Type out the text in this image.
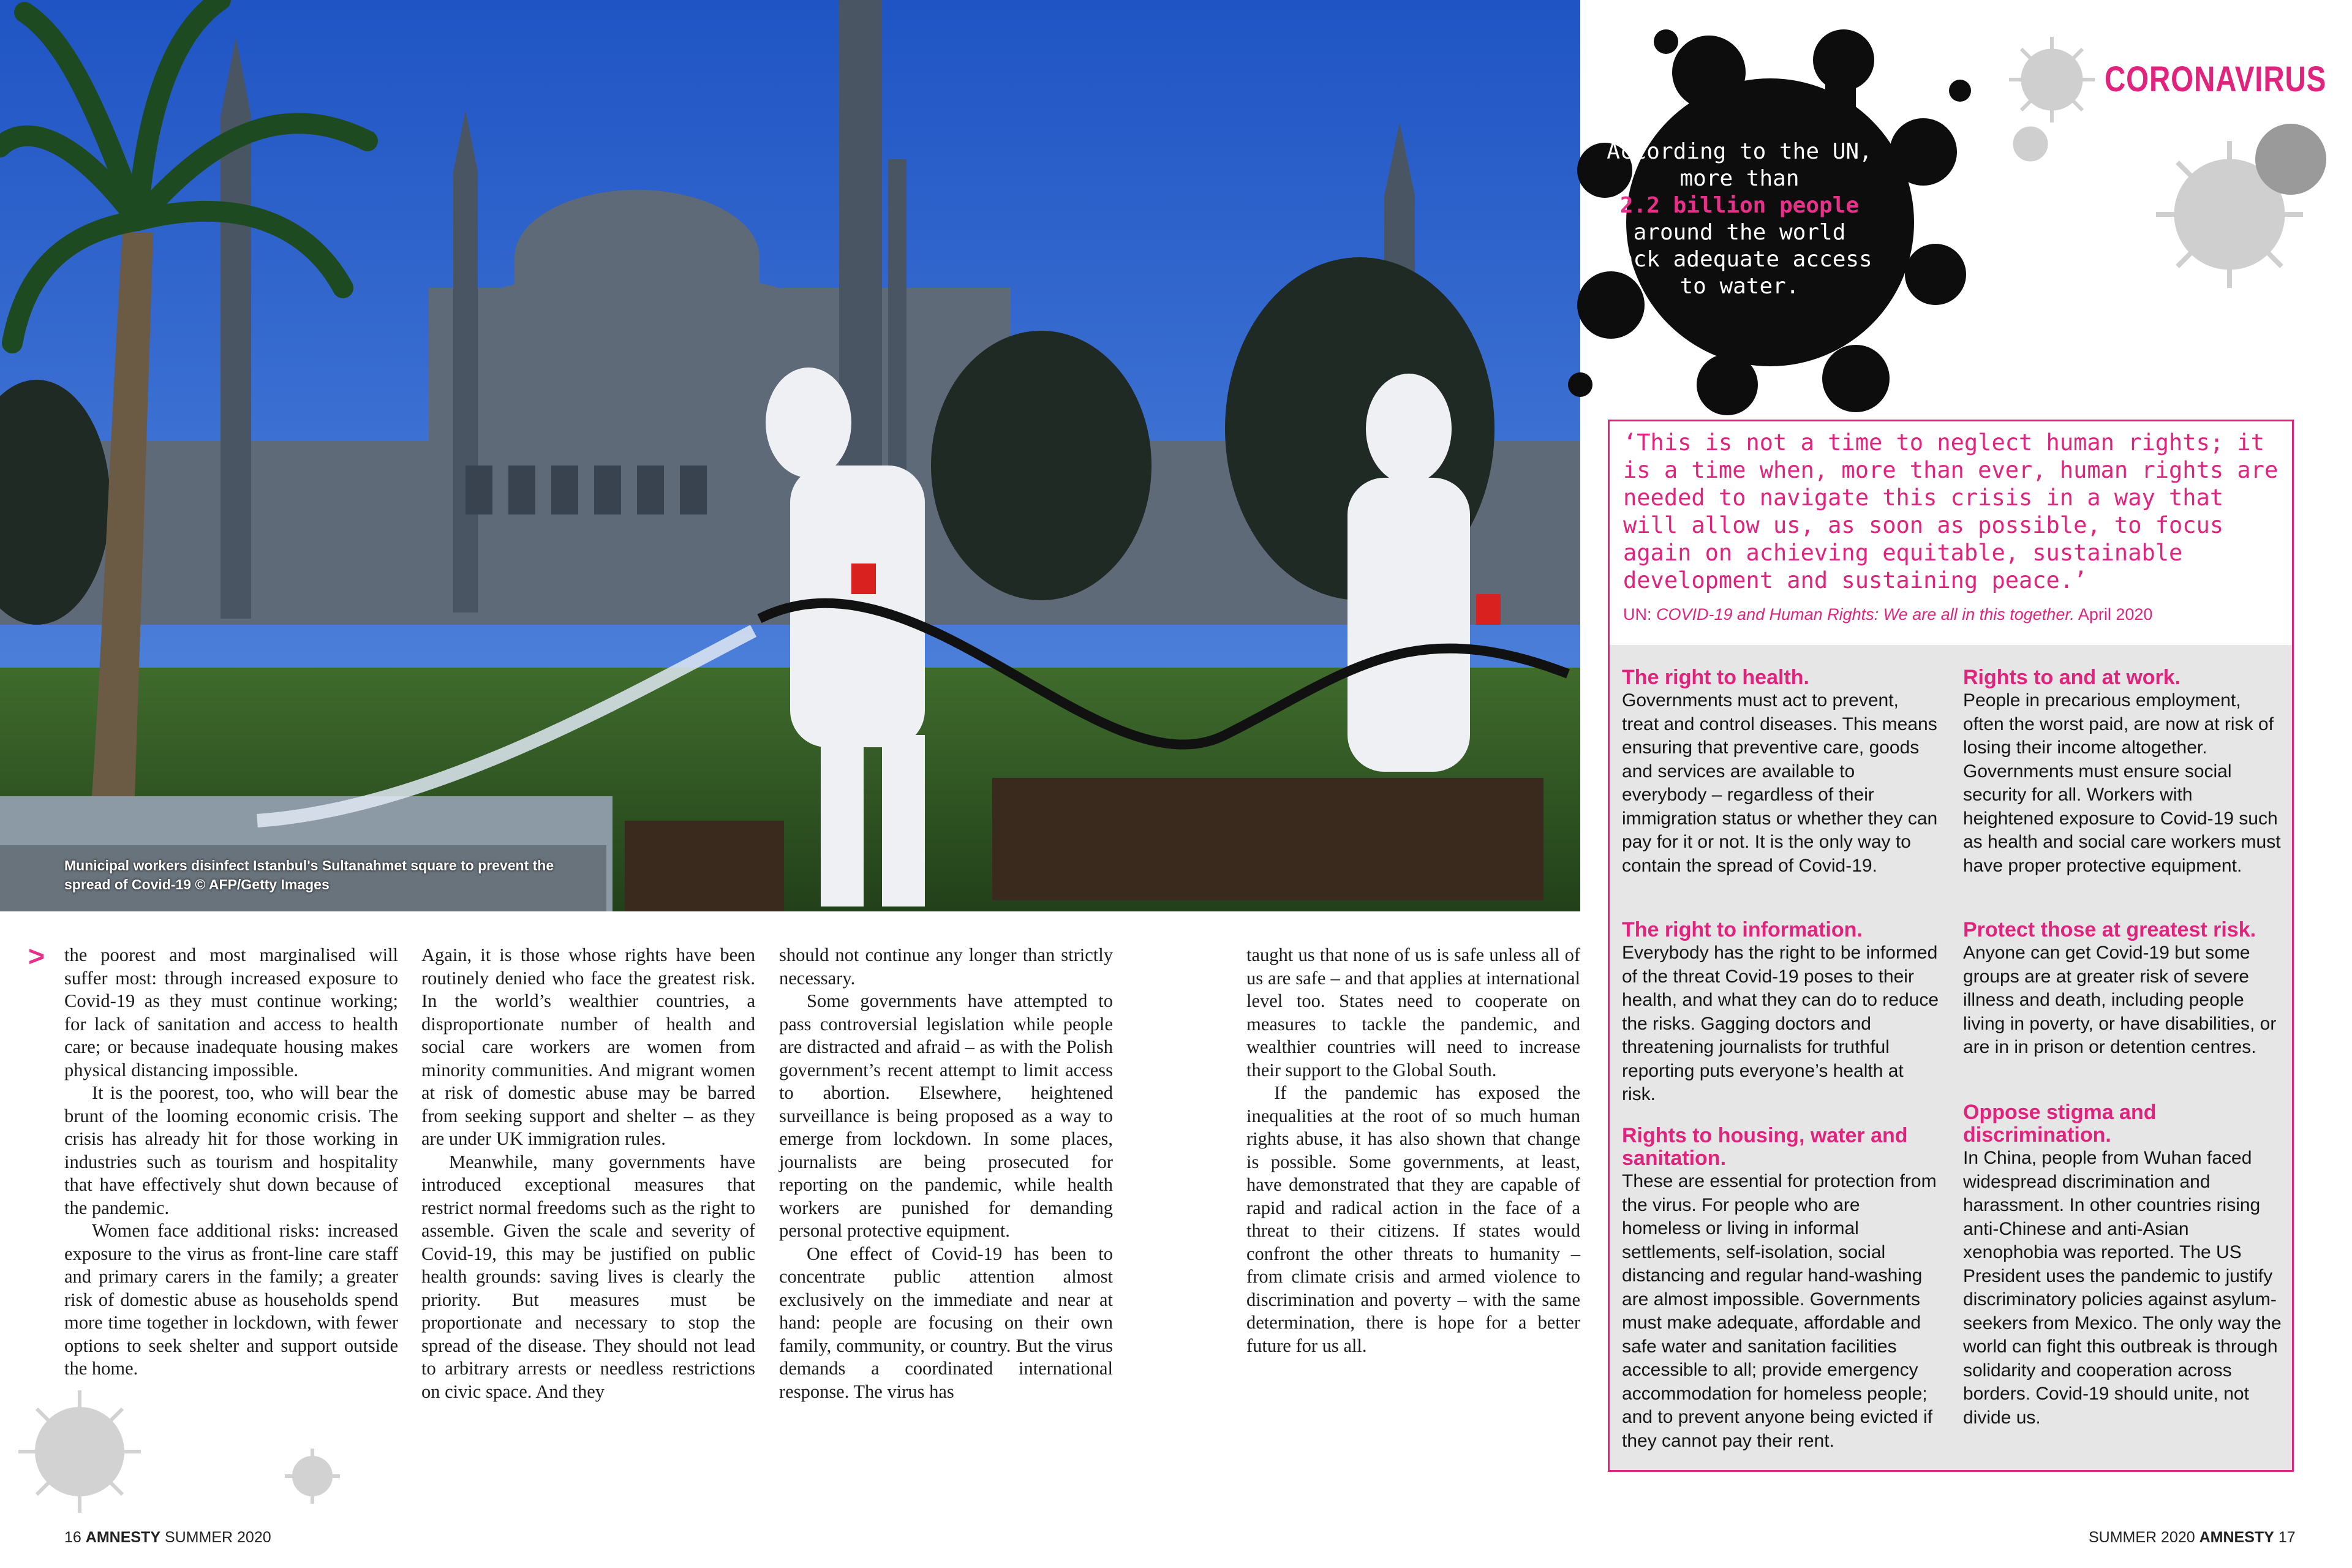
Municipal workers disinfect Istanbul's Sultanahmet square to prevent the spread of Covid-19 © AFP/Getty Images
CORONAVIRUS
According to the UN, more than
2.2 billion people
around the world lack adequate access to water.
‘This is not a time to neglect human rights; it is a time when, more than ever, human rights are needed to navigate this crisis in a way that will allow us, as soon as possible, to focus again on achieving equitable, sustainable development and sustaining peace.’
UN: COVID-19 and Human Rights: We are all in this together. April 2020
The right to health.

Governments must act to prevent, treat and control diseases. This means ensuring that preventive care, goods and services are available to everybody – regardless of their immigration status or whether they can pay for it or not. It is the only way to contain the spread of Covid-19.

The right to information.

Everybody has the right to be informed of the threat Covid-19 poses to their health, and what they can do to reduce the risks. Gagging doctors and threatening journalists for truthful reporting puts everyone’s health at risk.

Rights to housing, water and sanitation.

These are essential for protection from the virus. For people who are homeless or living in informal settlements, self-isolation, social distancing and regular hand-washing are almost impossible. Governments must make adequate, affordable and safe water and sanitation facilities accessible to all; provide emergency accommodation for homeless people; and to prevent anyone being evicted if they cannot pay their rent.

Rights to and at work.

People in precarious employment, often the worst paid, are now at risk of losing their income altogether. Governments must ensure social security for all. Workers with heightened exposure to Covid-19 such as health and social care workers must have proper protective equipment.

Protect those at greatest risk.

Anyone can get Covid-19 but some groups are at greater risk of severe illness and death, including people living in poverty, or have disabilities, or are in in prison or detention centres.

Oppose stigma and discrimination.

In China, people from Wuhan faced widespread discrimination and harassment. In other countries rising anti-Chinese and anti-Asian xenophobia was reported. The US President uses the pandemic to justify discriminatory policies against asylum-seekers from Mexico. The only way the world can fight this outbreak is through solidarity and cooperation across borders. Covid-19 should unite, not divide us.

> the poorest and most marginalised will suffer most: through increased exposure to Covid-19 as they must continue working; for lack of sanitation and access to health care; or because inadequate housing makes physical distancing impossible.

It is the poorest, too, who will bear the brunt of the looming economic crisis. The crisis has already hit for those working in industries such as tourism and hospitality that have effectively shut down because of the pandemic.

Women face additional risks: increased exposure to the virus as front-line care staff and primary carers in the family; a greater risk of domestic abuse as households spend more time together in lockdown, with fewer options to seek shelter and support outside the home.

Again, it is those whose rights have been routinely denied who face the greatest risk. In the world’s wealthier countries, a disproportionate number of health and social care workers are women from minority communities. And migrant women at risk of domestic abuse may be barred from seeking support and shelter – as they are under UK immigration rules.

Meanwhile, many governments have introduced exceptional measures that restrict normal freedoms such as the right to assemble. Given the scale and severity of Covid-19, this may be justified on public health grounds: saving lives is clearly the priority. But measures must be proportionate and necessary to stop the spread of the disease. They should not lead to arbitrary arrests or needless restrictions on civic space. And they

should not continue any longer than strictly necessary.

Some governments have attempted to pass controversial legislation while people are distracted and afraid – as with the Polish government’s recent attempt to limit access to abortion. Elsewhere, heightened surveillance is being proposed as a way to emerge from lockdown. In some places, journalists are being prosecuted for reporting on the pandemic, while health workers are punished for demanding personal protective equipment.

One effect of Covid-19 has been to concentrate public attention almost exclusively on the immediate and near at hand: people are focusing on their own family, community, or country. But the virus demands a coordinated international response. The virus has

taught us that none of us is safe unless all of us are safe – and that applies at international level too. States need to cooperate on measures to tackle the pandemic, and wealthier countries will need to increase their support to the Global South.

If the pandemic has exposed the inequalities at the root of so much human rights abuse, it has also shown that change is possible. Some governments, at least, have demonstrated that they are capable of rapid and radical action in the face of a threat to their citizens. If states would confront the other threats to humanity – from climate crisis and armed violence to discrimination and poverty – with the same determination, there is hope for a better future for us all.

16 AMNESTY SUMMER 2020	SUMMER 2020 AMNESTY 17
